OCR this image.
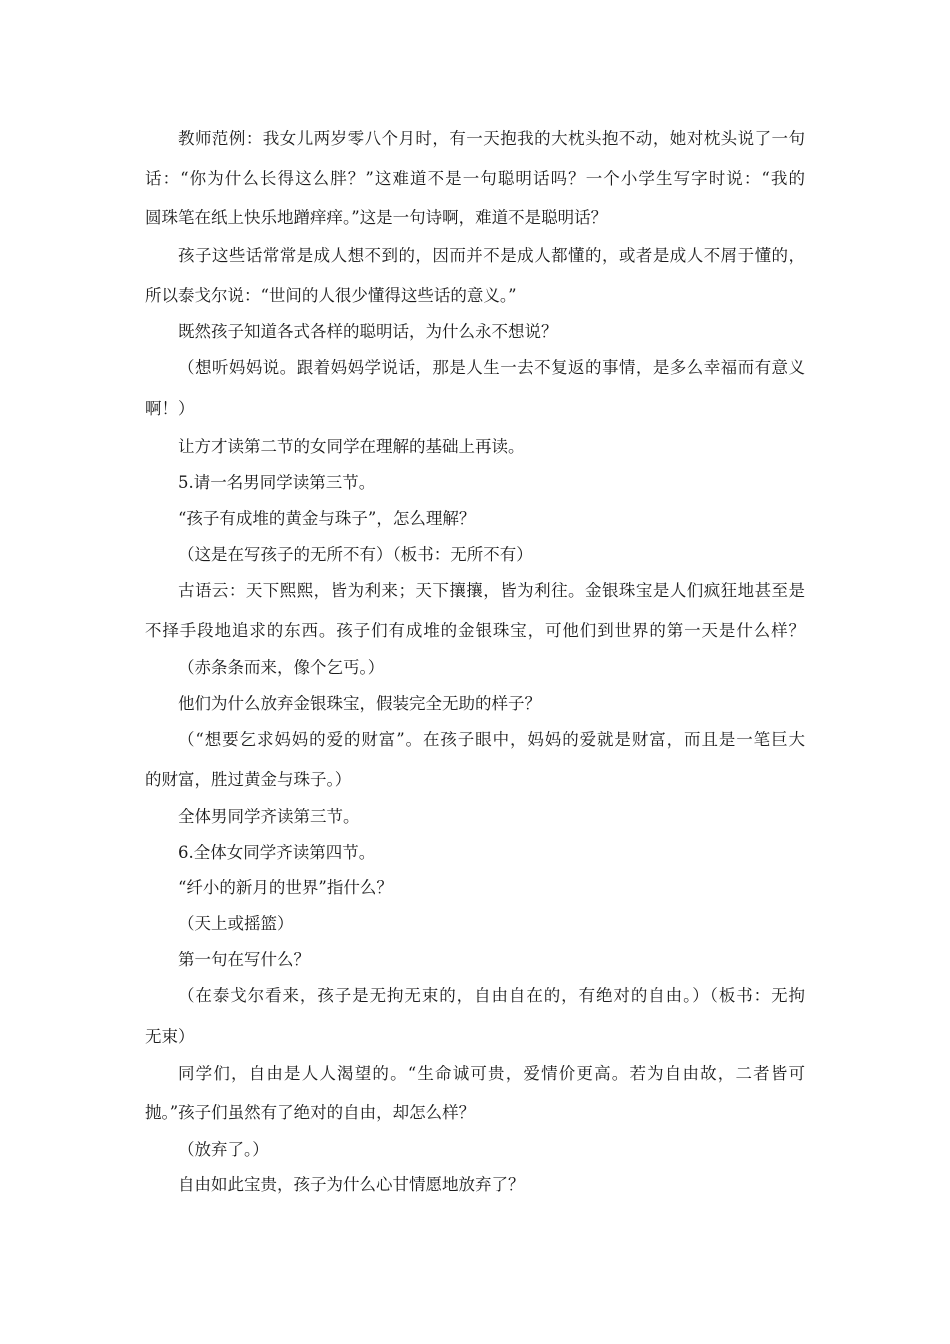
教师范例：我女儿两岁零八个月时，有一天抱我的大枕头抱不动，她对枕头说了一句
话：“你为什么长得这么胖？”这难道不是一句聪明话吗？一个小学生写字时说：“我的
圆珠笔在纸上快乐地蹭痒痒。”这是一句诗啊，难道不是聪明话？
孩子这些话常常是成人想不到的，因而并不是成人都懂的，或者是成人不屑于懂的，
所以泰戈尔说：“世间的人很少懂得这些话的意义。”
既然孩子知道各式各样的聪明话，为什么永不想说？
（想听妈妈说。跟着妈妈学说话，那是人生一去不复返的事情，是多么幸福而有意义
啊！）
让方才读第二节的女同学在理解的基础上再读。
5.请一名男同学读第三节。
“孩子有成堆的黄金与珠子”，怎么理解？
（这是在写孩子的无所不有）（板书：无所不有）
古语云：天下熙熙，皆为利来；天下攘攘，皆为利往。金银珠宝是人们疯狂地甚至是
不择手段地追求的东西。孩子们有成堆的金银珠宝，可他们到世界的第一天是什么样？
（赤条条而来，像个乞丐。）
他们为什么放弃金银珠宝，假装完全无助的样子？
（“想要乞求妈妈的爱的财富”。在孩子眼中，妈妈的爱就是财富，而且是一笔巨大
的财富，胜过黄金与珠子。）
全体男同学齐读第三节。
6.全体女同学齐读第四节。
“纤小的新月的世界”指什么？
（天上或摇篮）
第一句在写什么？
（在泰戈尔看来，孩子是无拘无束的，自由自在的，有绝对的自由。）（板书：无拘
无束）
同学们，自由是人人渴望的。“生命诚可贵，爱情价更高。若为自由故，二者皆可
抛。”孩子们虽然有了绝对的自由，却怎么样？
（放弃了。）
自由如此宝贵，孩子为什么心甘情愿地放弃了？
